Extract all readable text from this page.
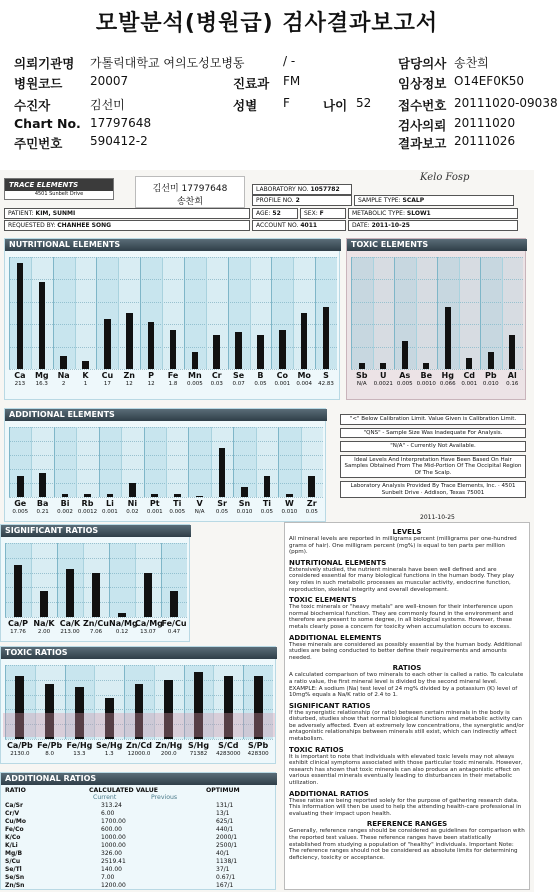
모발분석(병원급) 검사결과보고서
의뢰기관명 가톨릭대학교 여의도성모병동	/ -	담당의사 송찬희
병원코드 20007	진료과 FM	임상정보 O14EF0K50
수진자	김선미	성별 F	나이 52 접수번호 20111020-09038
Chart No. 17797648	검사의뢰 20111020
주민번호 590412-2	결과보고 20111026
TRACE ELEMENTS
4501 Sunbelt Drive	김선미 17797648
송찬희
Kelo Fosp
LABORATORY NO. 1057782
PROFILE NO. 2	SAMPLE TYPE: SCALP
PATIENT: KIM, SUNMI	AGE: 52	SEX: F	METABOLIC TYPE: SLOW1
REQUESTED BY: CHANHEE SONG	ACCOUNT NO. 4011	DATE: 2011-10-25
NUTRITIONAL ELEMENTS
Ca
213
Mg
16.3
Na
2
K
1
Cu
17
Zn
12
P
12
Fe
1.8
Mn
0.005
Cr
0.03
Se
0.07
B
0.05
Co
0.001
Mo
0.004
S
42.83
TOXIC ELEMENTS
Sb
N/A
U
0.0021
As
0.005
Be
0.0010
Hg
0.066
Cd
0.001
Pb
0.010
Al
0.16
ADDITIONAL ELEMENTS
Ge
0.005
Ba
0.21
Bi
0.002
Rb
0.0012
Li
0.001
Ni
0.02
Pt
0.001
Ti
0.005
V
N/A
Sr
0.05
Sn
0.010
Ti
0.05
W
0.010
Zr
0.05
"<" Below Calibration Limit. Value Given is Calibration Limit.
"QNS" - Sample Size Was Inadequate For Analysis.
"N/A" - Currently Not Available.
Ideal Levels And Interpretation Have Been Based On Hair Samples Obtained From The Mid-Portion Of The Occipital Region Of The Scalp.
Laboratory Analysis Provided By Trace Elements, Inc. · 4501 Sunbelt Drive · Addison, Texas 75001
2011-10-25
SIGNIFICANT RATIOS
Ca/P
17.76
Na/K
2.00
Ca/K
213.00
Zn/Cu
7.06
Na/Mg
0.12
Ca/Mg
13.07
Fe/Cu
0.47
TOXIC RATIOS
Ca/Pb
2130.0
Fe/Pb
8.0
Fe/Hg
13.3
Se/Hg
1.3
Zn/Cd
12000.0
Zn/Hg
200.0
S/Hg
71382
S/Cd
4283000
S/Pb
428300
ADDITIONAL RATIOS
RATIO	CALCULATED VALUE	OPTIMUM
Current	Previous
Ca/Sr	313.24	131/1
Cr/V	6.00	13/1
Cu/Mo	1700.00	625/1
Fe/Co	600.00	440/1
K/Co	1000.00	2000/1
K/Li	1000.00	2500/1
Mg/B	326.00	40/1
S/Cu	2519.41	1138/1
Se/Tl	140.00	37/1
Se/Sn	7.00	0.67/1
Zn/Sn	1200.00	167/1
LEVELS
All mineral levels are reported in milligrams percent (milligrams per one-hundred grams of hair). One milligram percent (mg%) is equal to ten parts per million (ppm).
NUTRITIONAL ELEMENTS
Extensively studied, the nutrient minerals have been well defined and are considered essential for many biological functions in the human body. They play key roles in such metabolic processes as muscular activity, endocrine function, reproduction, skeletal integrity and overall development.
TOXIC ELEMENTS
The toxic minerals or "heavy metals" are well-known for their interference upon normal biochemical function. They are commonly found in the environment and therefore are present to some degree, in all biological systems. However, these metals clearly pose a concern for toxicity when accumulation occurs to excess.
ADDITIONAL ELEMENTS
These minerals are considered as possibly essential by the human body. Additional studies are being conducted to better define their requirements and amounts needed.
RATIOS
A calculated comparison of two minerals to each other is called a ratio. To calculate a ratio value, the first mineral level is divided by the second mineral level. EXAMPLE: A sodium (Na) test level of 24 mg% divided by a potassium (K) level of 10mg% equals a Na/K ratio of 2.4 to 1.
SIGNIFICANT RATIOS
If the synergistic relationship (or ratio) between certain minerals in the body is disturbed, studies show that normal biological functions and metabolic activity can be adversely affected. Even at extremely low concentrations, the synergistic and/or antagonistic relationships between minerals still exist, which can indirectly affect metabolism.
TOXIC RATIOS
It is important to note that individuals with elevated toxic levels may not always exhibit clinical symptoms associated with those particular toxic minerals. However, research has shown that toxic minerals can also produce an antagonistic effect on various essential minerals eventually leading to disturbances in their metabolic utilization.
ADDITIONAL RATIOS
These ratios are being reported solely for the purpose of gathering research data. This information will then be used to help the attending health-care professional in evaluating their impact upon health.
REFERENCE RANGES
Generally, reference ranges should be considered as guidelines for comparison with the reported test values. These reference ranges have been statistically established from studying a population of "healthy" individuals. Important Note: The reference ranges should not be considered as absolute limits for determining deficiency, toxicity or acceptance.
